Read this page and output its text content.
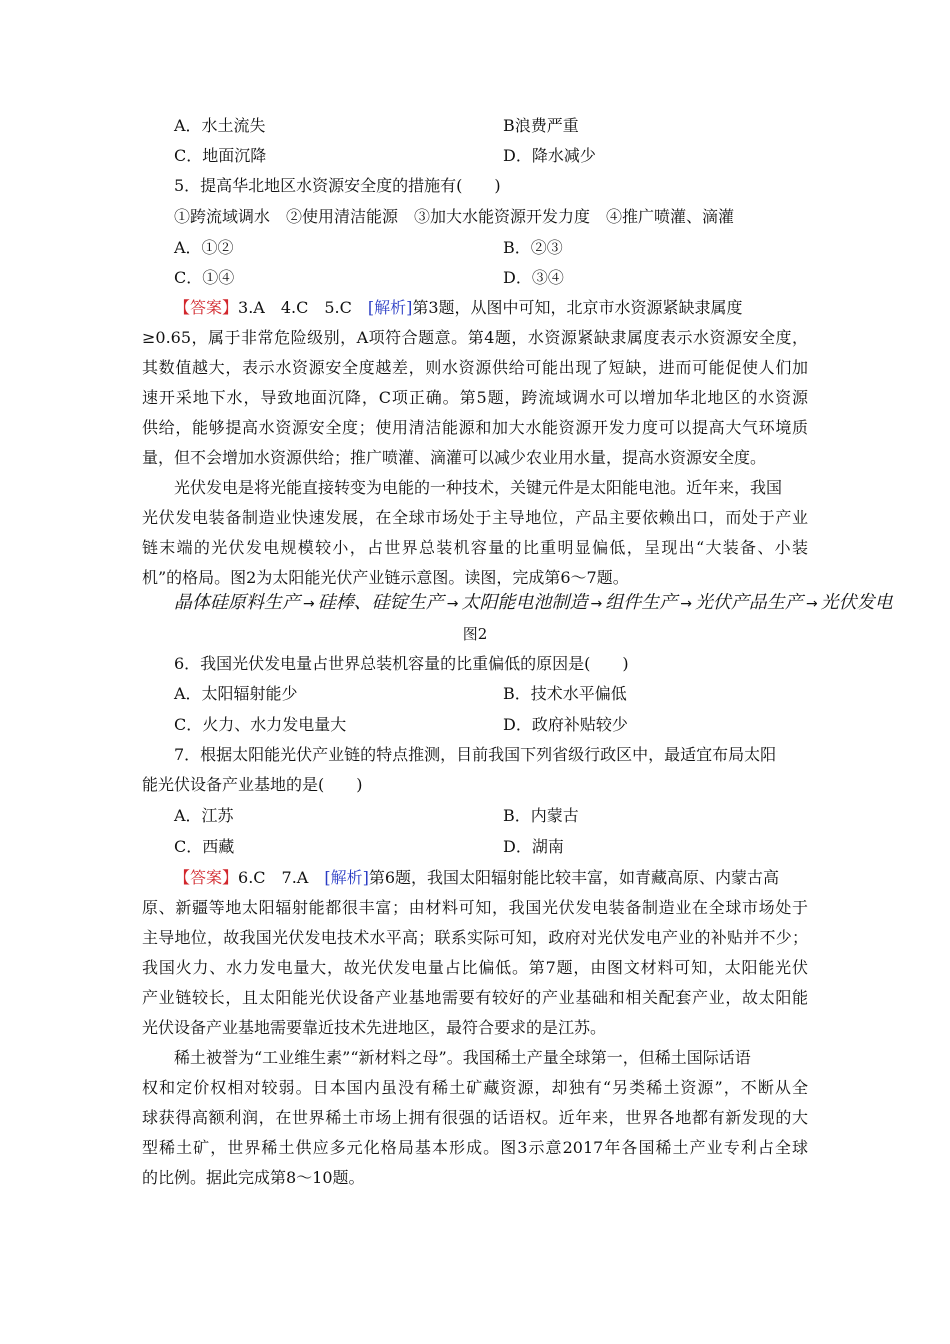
A．水土流失	B浪费严重
C．地面沉降	D．降水减少
5．提高华北地区水资源安全度的措施有(　　)
①跨流域调水　②使用清洁能源　③加大水能资源开发力度　④推广喷灌、滴灌
A．①②	B．②③
C．①④	D．③④
【答案】3.A　4.C　5.C　[解析]第3题，从图中可知，北京市水资源紧缺隶属度
≥0.65，属于非常危险级别，A项符合题意。第4题，水资源紧缺隶属度表示水资源安全度，
其数值越大，表示水资源安全度越差，则水资源供给可能出现了短缺，进而可能促使人们加
速开采地下水，导致地面沉降，C项正确。第5题，跨流域调水可以增加华北地区的水资源
供给，能够提高水资源安全度；使用清洁能源和加大水能资源开发力度可以提高大气环境质
量，但不会增加水资源供给；推广喷灌、滴灌可以减少农业用水量，提高水资源安全度。
光伏发电是将光能直接转变为电能的一种技术，关键元件是太阳能电池。近年来，我国
光伏发电装备制造业快速发展，在全球市场处于主导地位，产品主要依赖出口，而处于产业
链末端的光伏发电规模较小，占世界总装机容量的比重明显偏低，呈现出“大装备、小装
机”的格局。图2为太阳能光伏产业链示意图。读图，完成第6～7题。
晶体硅原料生产 → 硅棒、硅锭生产 → 太阳能电池制造 → 组件生产 → 光伏产品生产 → 光伏发电
图2
6．我国光伏发电量占世界总装机容量的比重偏低的原因是(　　)
A．太阳辐射能少	B．技术水平偏低
C．火力、水力发电量大	D．政府补贴较少
7．根据太阳能光伏产业链的特点推测，目前我国下列省级行政区中，最适宜布局太阳
能光伏设备产业基地的是(　　)
A．江苏	B．内蒙古
C．西藏	D．湖南
【答案】6.C　7.A　[解析]第6题，我国太阳辐射能比较丰富，如青藏高原、内蒙古高
原、新疆等地太阳辐射能都很丰富；由材料可知，我国光伏发电装备制造业在全球市场处于
主导地位，故我国光伏发电技术水平高；联系实际可知，政府对光伏发电产业的补贴并不少；
我国火力、水力发电量大，故光伏发电量占比偏低。第7题，由图文材料可知，太阳能光伏
产业链较长，且太阳能光伏设备产业基地需要有较好的产业基础和相关配套产业，故太阳能
光伏设备产业基地需要靠近技术先进地区，最符合要求的是江苏。
稀土被誉为“工业维生素”“新材料之母”。我国稀土产量全球第一，但稀土国际话语
权和定价权相对较弱。日本国内虽没有稀土矿藏资源，却独有“另类稀土资源”，不断从全
球获得高额利润，在世界稀土市场上拥有很强的话语权。近年来，世界各地都有新发现的大
型稀土矿，世界稀土供应多元化格局基本形成。图3示意2017年各国稀土产业专利占全球
的比例。据此完成第8～10题。
